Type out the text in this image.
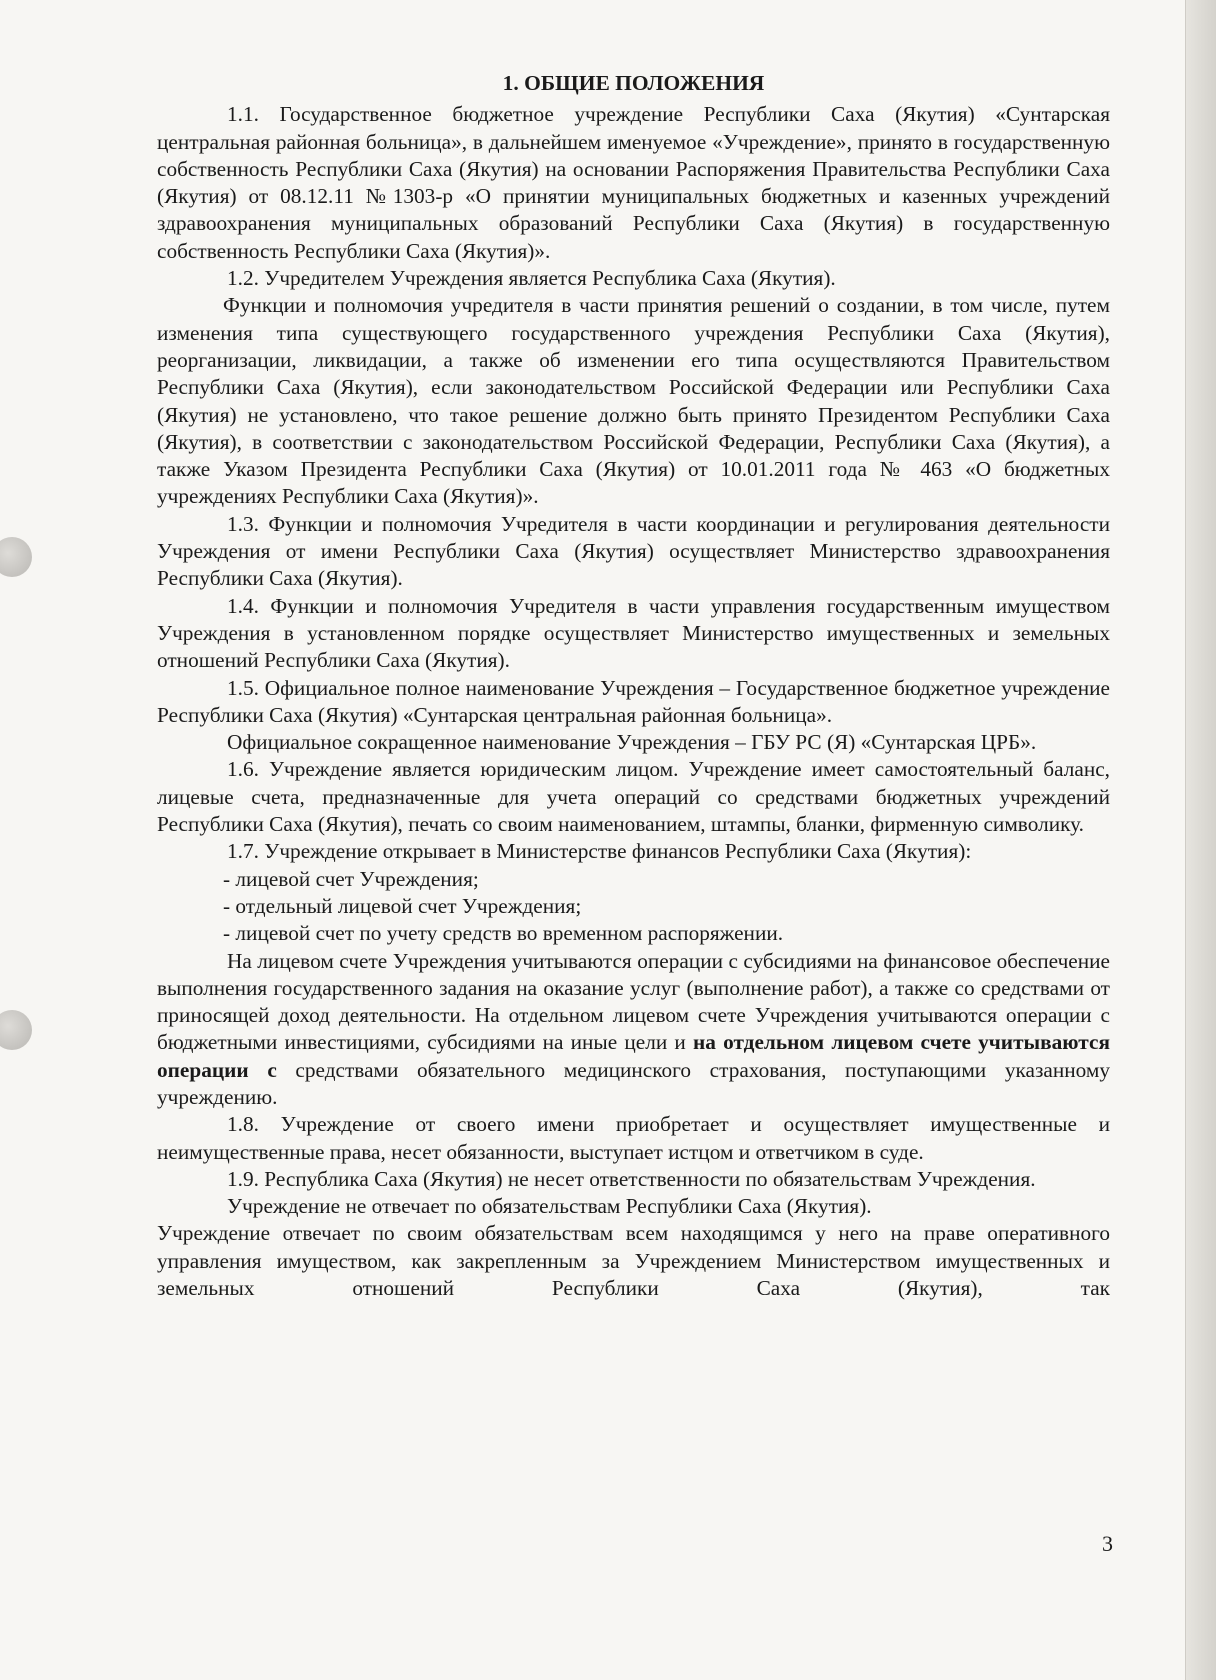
1. ОБЩИЕ ПОЛОЖЕНИЯ

1.1. Государственное бюджетное учреждение Республики Саха (Якутия) «Сунтарская центральная районная больница», в дальнейшем именуемое «Учреждение», принято в государственную собственность Республики Саха (Якутия) на основании Распоряжения Правительства Республики Саха (Якутия) от 08.12.11 №1303-р «О принятии муниципальных бюджетных и казенных учреждений здравоохранения муниципальных образований Республики Саха (Якутия) в государственную собственность Республики Саха (Якутия)».

1.2. Учредителем Учреждения является Республика Саха (Якутия).

Функции и полномочия учредителя в части принятия решений о создании, в том числе, путем изменения типа существующего государственного учреждения Республики Саха (Якутия), реорганизации, ликвидации, а также об изменении его типа осуществляются Правительством Республики Саха (Якутия), если законодательством Российской Федерации или Республики Саха (Якутия) не установлено, что такое решение должно быть принято Президентом Республики Саха (Якутия), в соответствии с законодательством Российской Федерации, Республики Саха (Якутия), а также Указом Президента Республики Саха (Якутия) от 10.01.2011 года № 463 «О бюджетных учреждениях Республики Саха (Якутия)».

1.3. Функции и полномочия Учредителя в части координации и регулирования деятельности Учреждения от имени Республики Саха (Якутия) осуществляет Министерство здравоохранения Республики Саха (Якутия).

1.4. Функции и полномочия Учредителя в части управления государственным имуществом Учреждения в установленном порядке осуществляет Министерство имущественных и земельных отношений Республики Саха (Якутия).

1.5. Официальное полное наименование Учреждения – Государственное бюджетное учреждение Республики Саха (Якутия) «Сунтарская центральная районная больница».

Официальное сокращенное наименование Учреждения – ГБУ РС (Я) «Сунтарская ЦРБ».

1.6. Учреждение является юридическим лицом. Учреждение имеет самостоятельный баланс, лицевые счета, предназначенные для учета операций со средствами бюджетных учреждений Республики Саха (Якутия), печать со своим наименованием, штампы, бланки, фирменную символику.

1.7. Учреждение открывает в Министерстве финансов Республики Саха (Якутия):

- лицевой счет Учреждения;

- отдельный лицевой счет Учреждения;

- лицевой счет по учету средств во временном распоряжении.

На лицевом счете Учреждения учитываются операции с субсидиями на финансовое обеспечение выполнения государственного задания на оказание услуг (выполнение работ), а также со средствами от приносящей доход деятельности. На отдельном лицевом счете Учреждения учитываются операции с бюджетными инвестициями, субсидиями на иные цели и на отдельном лицевом счете учитываются операции с средствами обязательного медицинского страхования, поступающими указанному учреждению.

1.8. Учреждение от своего имени приобретает и осуществляет имущественные и неимущественные права, несет обязанности, выступает истцом и ответчиком в суде.

1.9. Республика Саха (Якутия) не несет ответственности по обязательствам Учреждения.

Учреждение не отвечает по обязательствам Республики Саха (Якутия).

Учреждение отвечает по своим обязательствам всем находящимся у него на праве оперативного управления имуществом, как закрепленным за Учреждением Министерством имущественных и земельных отношений Республики Саха (Якутия), так

3
